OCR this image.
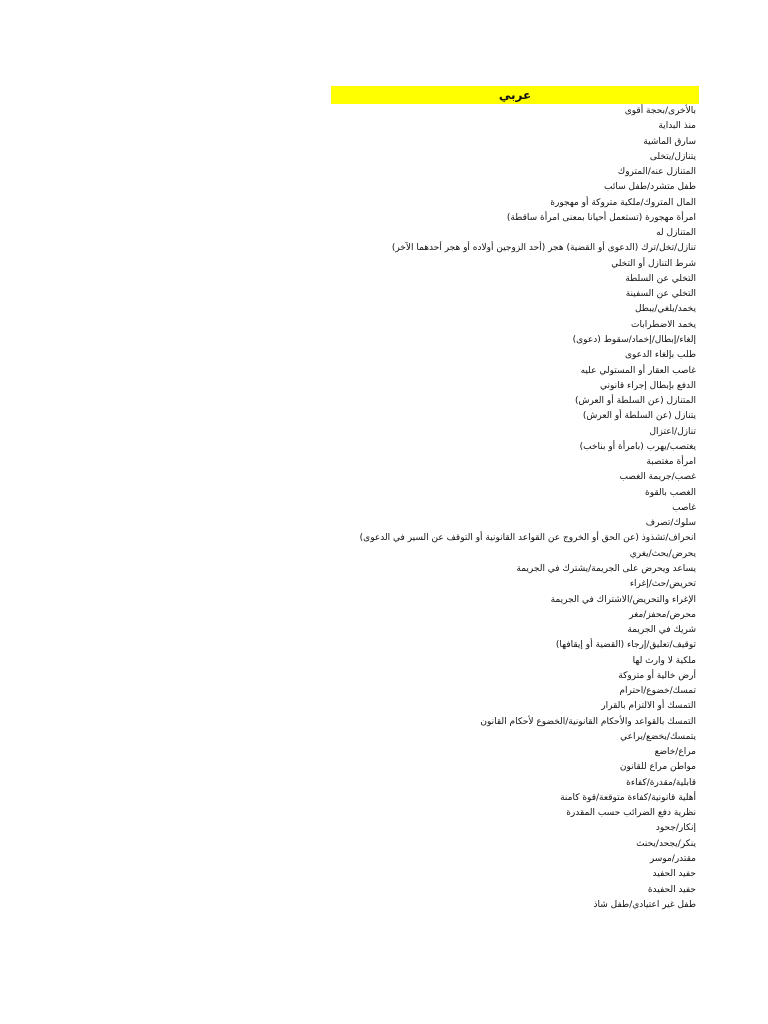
عربي
بالأخرى/بحجة أقوى
منذ البداية
سارق الماشية
يتنازل/يتخلى
المتنازل عنه/المتروك
طفل متشرد/طفل سائب
المال المتروك/ملكية متروكة أو مهجورة
امرأة مهجورة (تستعمل أحيانا بمعنى امرأة ساقطة)
المتنازل له
تنازل/تخل/ترك (الدعوى أو القضية) هجر (أحد الزوجين أولاده أو هجر أحدهما الآخر)
شرط التنازل أو التخلي
التخلي عن السلطة
التخلي عن السفينة
يخمد/يلغي/يبطل
يخمد الاضطرابات
إلغاء/إبطال/إخماد/سقوط (دعوى)
طلب بإلغاء الدعوى
غاصب العقار أو المستولي عليه
الدفع بإبطال إجراء قانوني
المتنازل (عن السلطة أو العرش)
يتنازل (عن السلطة أو العرش)
تنازل/اعتزال
يغتصب/يهرب (بامرأة أو بناخب)
امرأة مغتصبة
غصب/جريمة الغصب
الغصب بالقوة
غاصب
سلوك/تصرف
انحراف/تشذوذ (عن الحق أو الخروج عن القواعد القانونية أو التوقف عن السير في الدعوى)
يحرض/يحث/يغري
يساعد ويحرض على الجريمة/يشترك في الجريمة
تحريض/حث/إغراء
الإغراء والتحريض/الاشتراك في الجريمة
محرض/محفز/مغر
شريك في الجريمة
توقيف/تعليق/إرجاء (القضية أو إيقافها)
ملكية لا وارث لها
أرض خالية أو متروكة
تمسك/خضوع/احترام
التمسك أو الالتزام بالقرار
التمسك بالقواعد والأحكام القانونية/الخضوع لأحكام القانون
يتمسك/يخضع/يراعي
مراع/خاضع
مواطن مراع للقانون
قابلية/مقدرة/كفاءة
أهلية قانونية/كفاءة متوقعة/قوة كامنة
نظرية دفع الضرائب حسب المقدرة
إنكار/جحود
ينكر/يجحد/يحنث
مقتدر/موسر
حفيد الحفيد
حفيد الحفيدة
طفل غير اعتيادي/طفل شاذ
